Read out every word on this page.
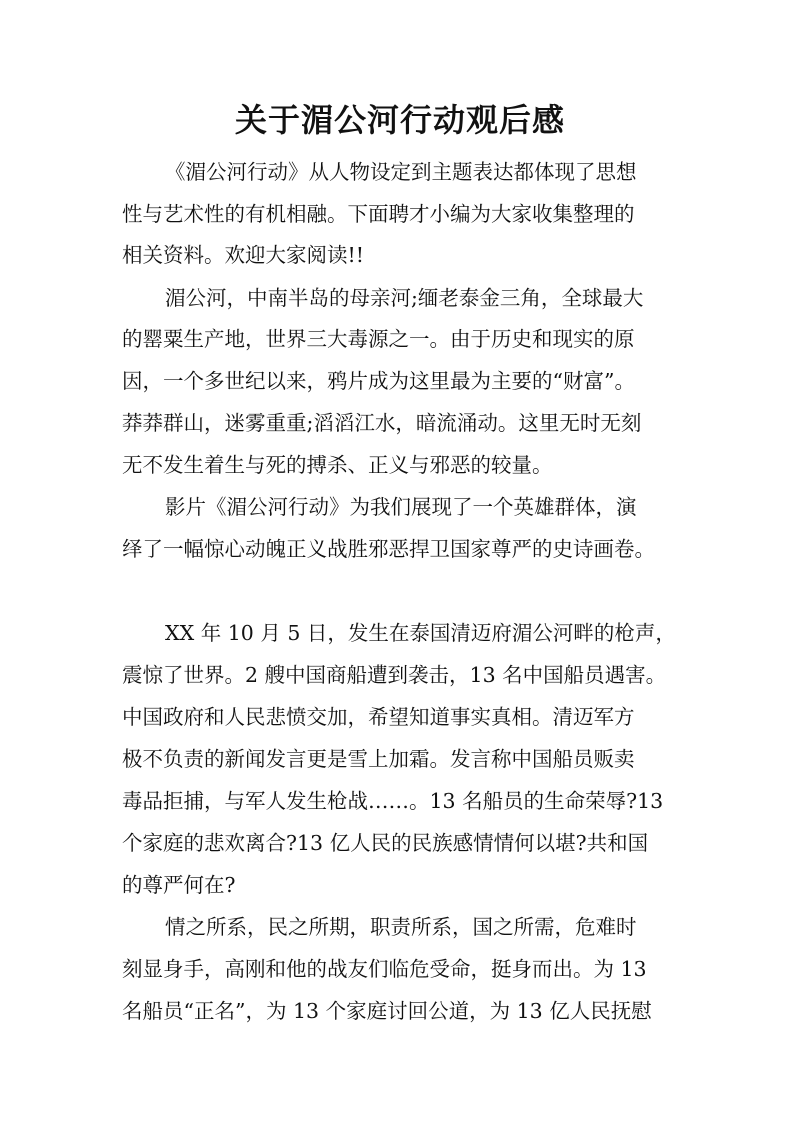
关于湄公河行动观后感

《湄公河行动》从人物设定到主题表达都体现了思想

性与艺术性的有机相融。下面聘才小编为大家收集整理的

相关资料。欢迎大家阅读!!

湄公河，中南半岛的母亲河;缅老泰金三角，全球最大

的罂粟生产地，世界三大毒源之一。由于历史和现实的原

因，一个多世纪以来，鸦片成为这里最为主要的“财富”。

莽莽群山，迷雾重重;滔滔江水，暗流涌动。这里无时无刻

无不发生着生与死的搏杀、正义与邪恶的较量。

影片《湄公河行动》为我们展现了一个英雄群体，演

绎了一幅惊心动魄正义战胜邪恶捍卫国家尊严的史诗画卷。

XX 年 10 月 5 日，发生在泰国清迈府湄公河畔的枪声，

震惊了世界。2 艘中国商船遭到袭击，13 名中国船员遇害。

中国政府和人民悲愤交加，希望知道事实真相。清迈军方

极不负责的新闻发言更是雪上加霜。发言称中国船员贩卖

毒品拒捕，与军人发生枪战……。13 名船员的生命荣辱?13

个家庭的悲欢离合?13 亿人民的民族感情情何以堪?共和国

的尊严何在?

情之所系，民之所期，职责所系，国之所需，危难时

刻显身手，高刚和他的战友们临危受命，挺身而出。为 13

名船员“正名”，为 13 个家庭讨回公道，为 13 亿人民抚慰
